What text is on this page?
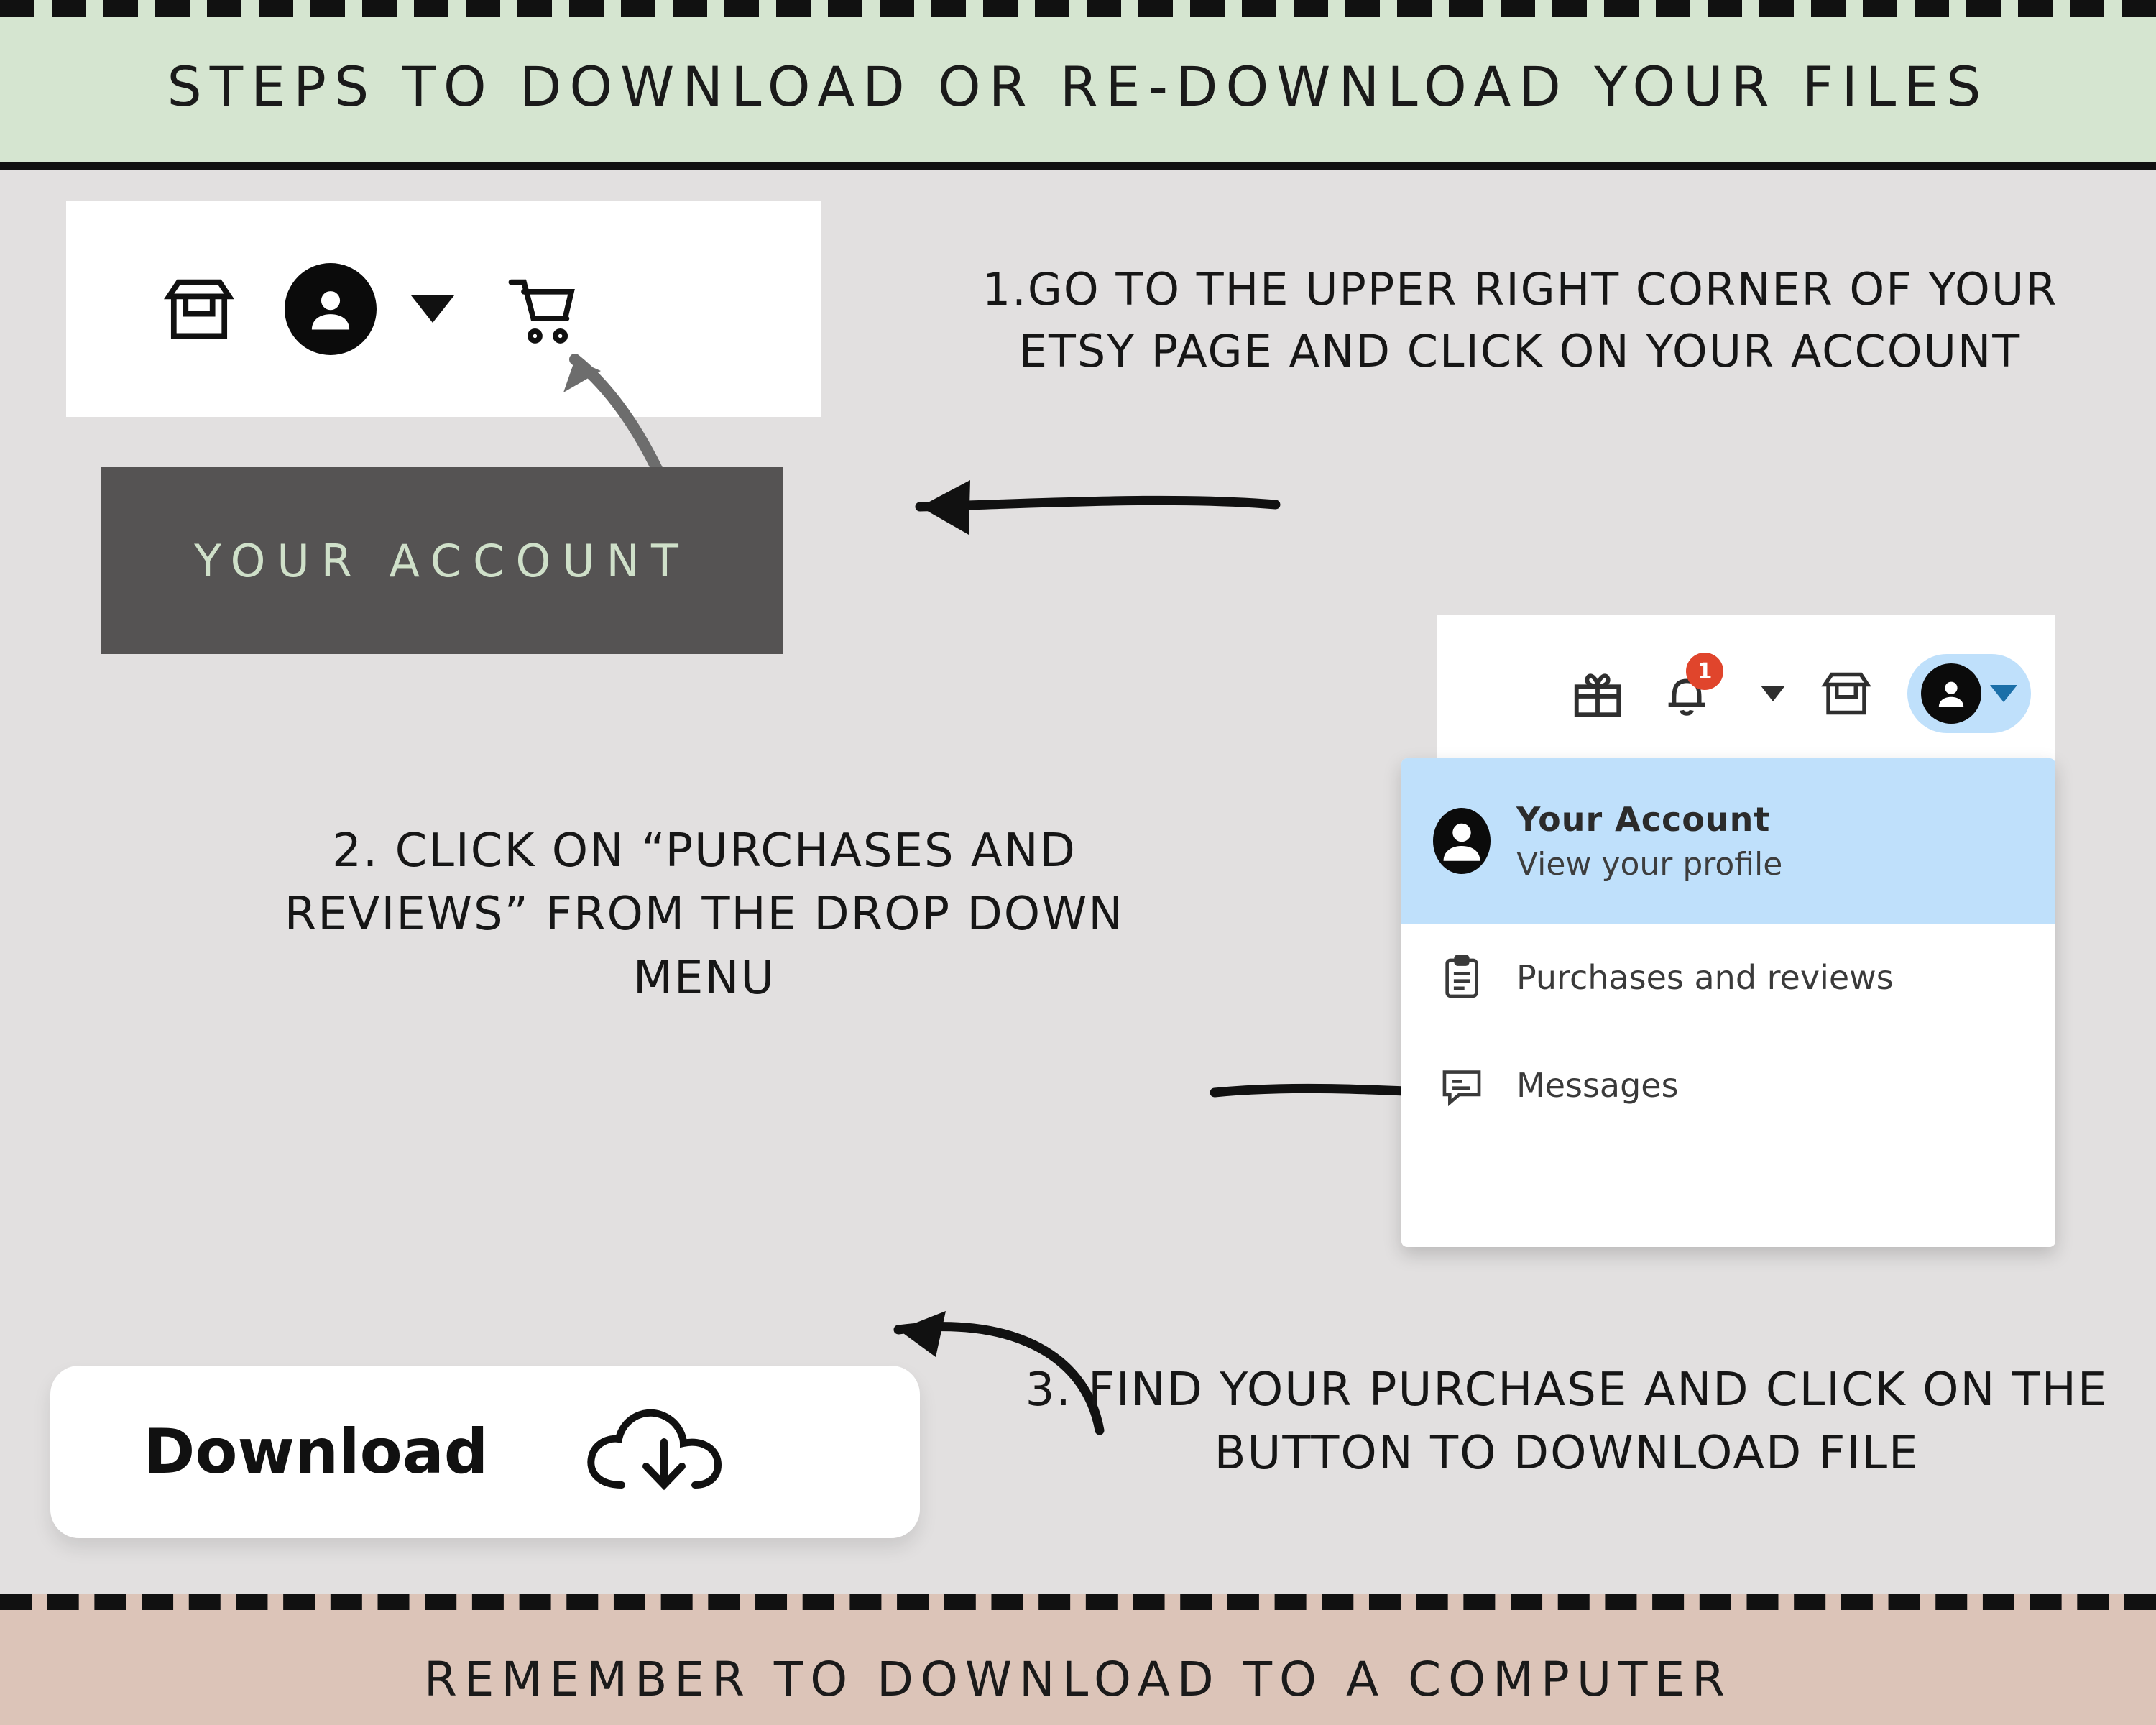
STEPS TO DOWNLOAD OR RE-DOWNLOAD YOUR FILES
YOUR ACCOUNT
1.GO TO THE UPPER RIGHT CORNER OF YOUR ETSY PAGE AND CLICK ON YOUR ACCOUNT
2. CLICK ON “PURCHASES AND REVIEWS” FROM THE DROP DOWN MENU
1
Your Account
View your profile
Purchases and reviews
Messages
Download
3. FIND YOUR PURCHASE AND CLICK ON THE BUTTON TO DOWNLOAD FILE
REMEMBER TO DOWNLOAD TO A COMPUTER
